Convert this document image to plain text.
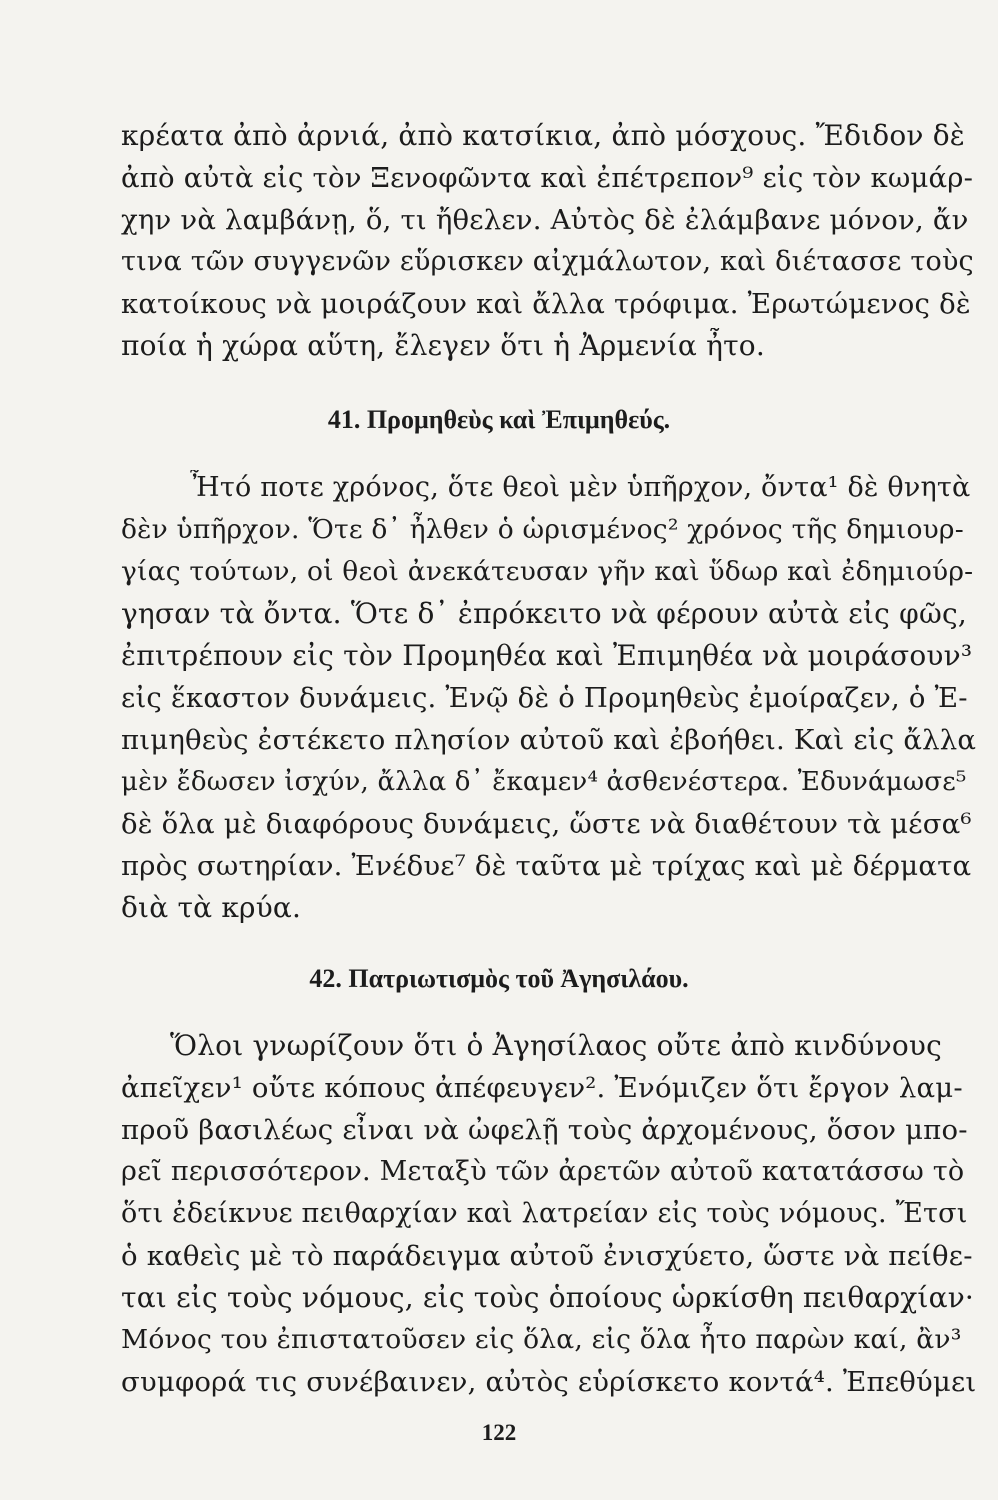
κρέατα ἀπὸ ἀρνιά, ἀπὸ κατσίκια, ἀπὸ μόσχους. Ἔδιδον δὲ
ἀπὸ αὐτὰ εἰς τὸν Ξενοφῶντα καὶ ἐπέτρεπον⁹ εἰς τὸν κωμάρ-
χην νὰ λαμβάνῃ, ὅ, τι ἤθελεν. Αὐτὸς δὲ ἐλάμβανε μόνον, ἄν
τινα τῶν συγγενῶν εὕρισκεν αἰχμάλωτον, καὶ διέτασσε τοὺς
κατοίκους νὰ μοιράζουν καὶ ἄλλα τρόφιμα. Ἐρωτώμενος δὲ
ποία ἡ χώρα αὕτη, ἔλεγεν ὅτι ἡ Ἀρμενία ἦτο.
41. Προμηθεὺς καὶ Ἐπιμηθεύς.
Ἦτό ποτε χρόνος, ὅτε θεοὶ μὲν ὑπῆρχον, ὄντα¹ δὲ θνητὰ
δὲν ὑπῆρχον. Ὅτε δ᾽ ἦλθεν ὁ ὡρισμένος² χρόνος τῆς δημιουρ-
γίας τούτων, οἱ θεοὶ ἀνεκάτευσαν γῆν καὶ ὕδωρ καὶ ἐδημιούρ-
γησαν τὰ ὄντα. Ὅτε δ᾽ ἐπρόκειτο νὰ φέρουν αὐτὰ εἰς φῶς,
ἐπιτρέπουν εἰς τὸν Προμηθέα καὶ Ἐπιμηθέα νὰ μοιράσουν³
εἰς ἕκαστον δυνάμεις. Ἐνῷ δὲ ὁ Προμηθεὺς ἐμοίραζεν, ὁ Ἐ-
πιμηθεὺς ἐστέκετο πλησίον αὐτοῦ καὶ ἐβοήθει. Καὶ εἰς ἄλλα
μὲν ἔδωσεν ἰσχύν, ἄλλα δ᾽ ἔκαμεν⁴ ἀσθενέστερα. Ἐδυνάμωσε⁵
δὲ ὅλα μὲ διαφόρους δυνάμεις, ὥστε νὰ διαθέτουν τὰ μέσα⁶
πρὸς σωτηρίαν. Ἐνέδυε⁷ δὲ ταῦτα μὲ τρίχας καὶ μὲ δέρματα
διὰ τὰ κρύα.
42. Πατριωτισμὸς τοῦ Ἀγησιλάου.
Ὅλοι γνωρίζουν ὅτι ὁ Ἀγησίλαος οὔτε ἀπὸ κινδύνους
ἀπεῖχεν¹ οὔτε κόπους ἀπέφευγεν². Ἐνόμιζεν ὅτι ἔργον λαμ-
προῦ βασιλέως εἶναι νὰ ὠφελῇ τοὺς ἀρχομένους, ὅσον μπο-
ρεῖ περισσότερον. Μεταξὺ τῶν ἀρετῶν αὐτοῦ κατατάσσω τὸ
ὅτι ἐδείκνυε πειθαρχίαν καὶ λατρείαν εἰς τοὺς νόμους. Ἔτσι
ὁ καθεὶς μὲ τὸ παράδειγμα αὐτοῦ ἐνισχύετο, ὥστε νὰ πείθε-
ται εἰς τοὺς νόμους, εἰς τοὺς ὁποίους ὡρκίσθη πειθαρχίαν·
Μόνος του ἐπιστατοῦσεν εἰς ὅλα, εἰς ὅλα ἦτο παρὼν καί, ἂν³
συμφορά τις συνέβαινεν, αὐτὸς εὑρίσκετο κοντά⁴. Ἐπεθύμει
122
